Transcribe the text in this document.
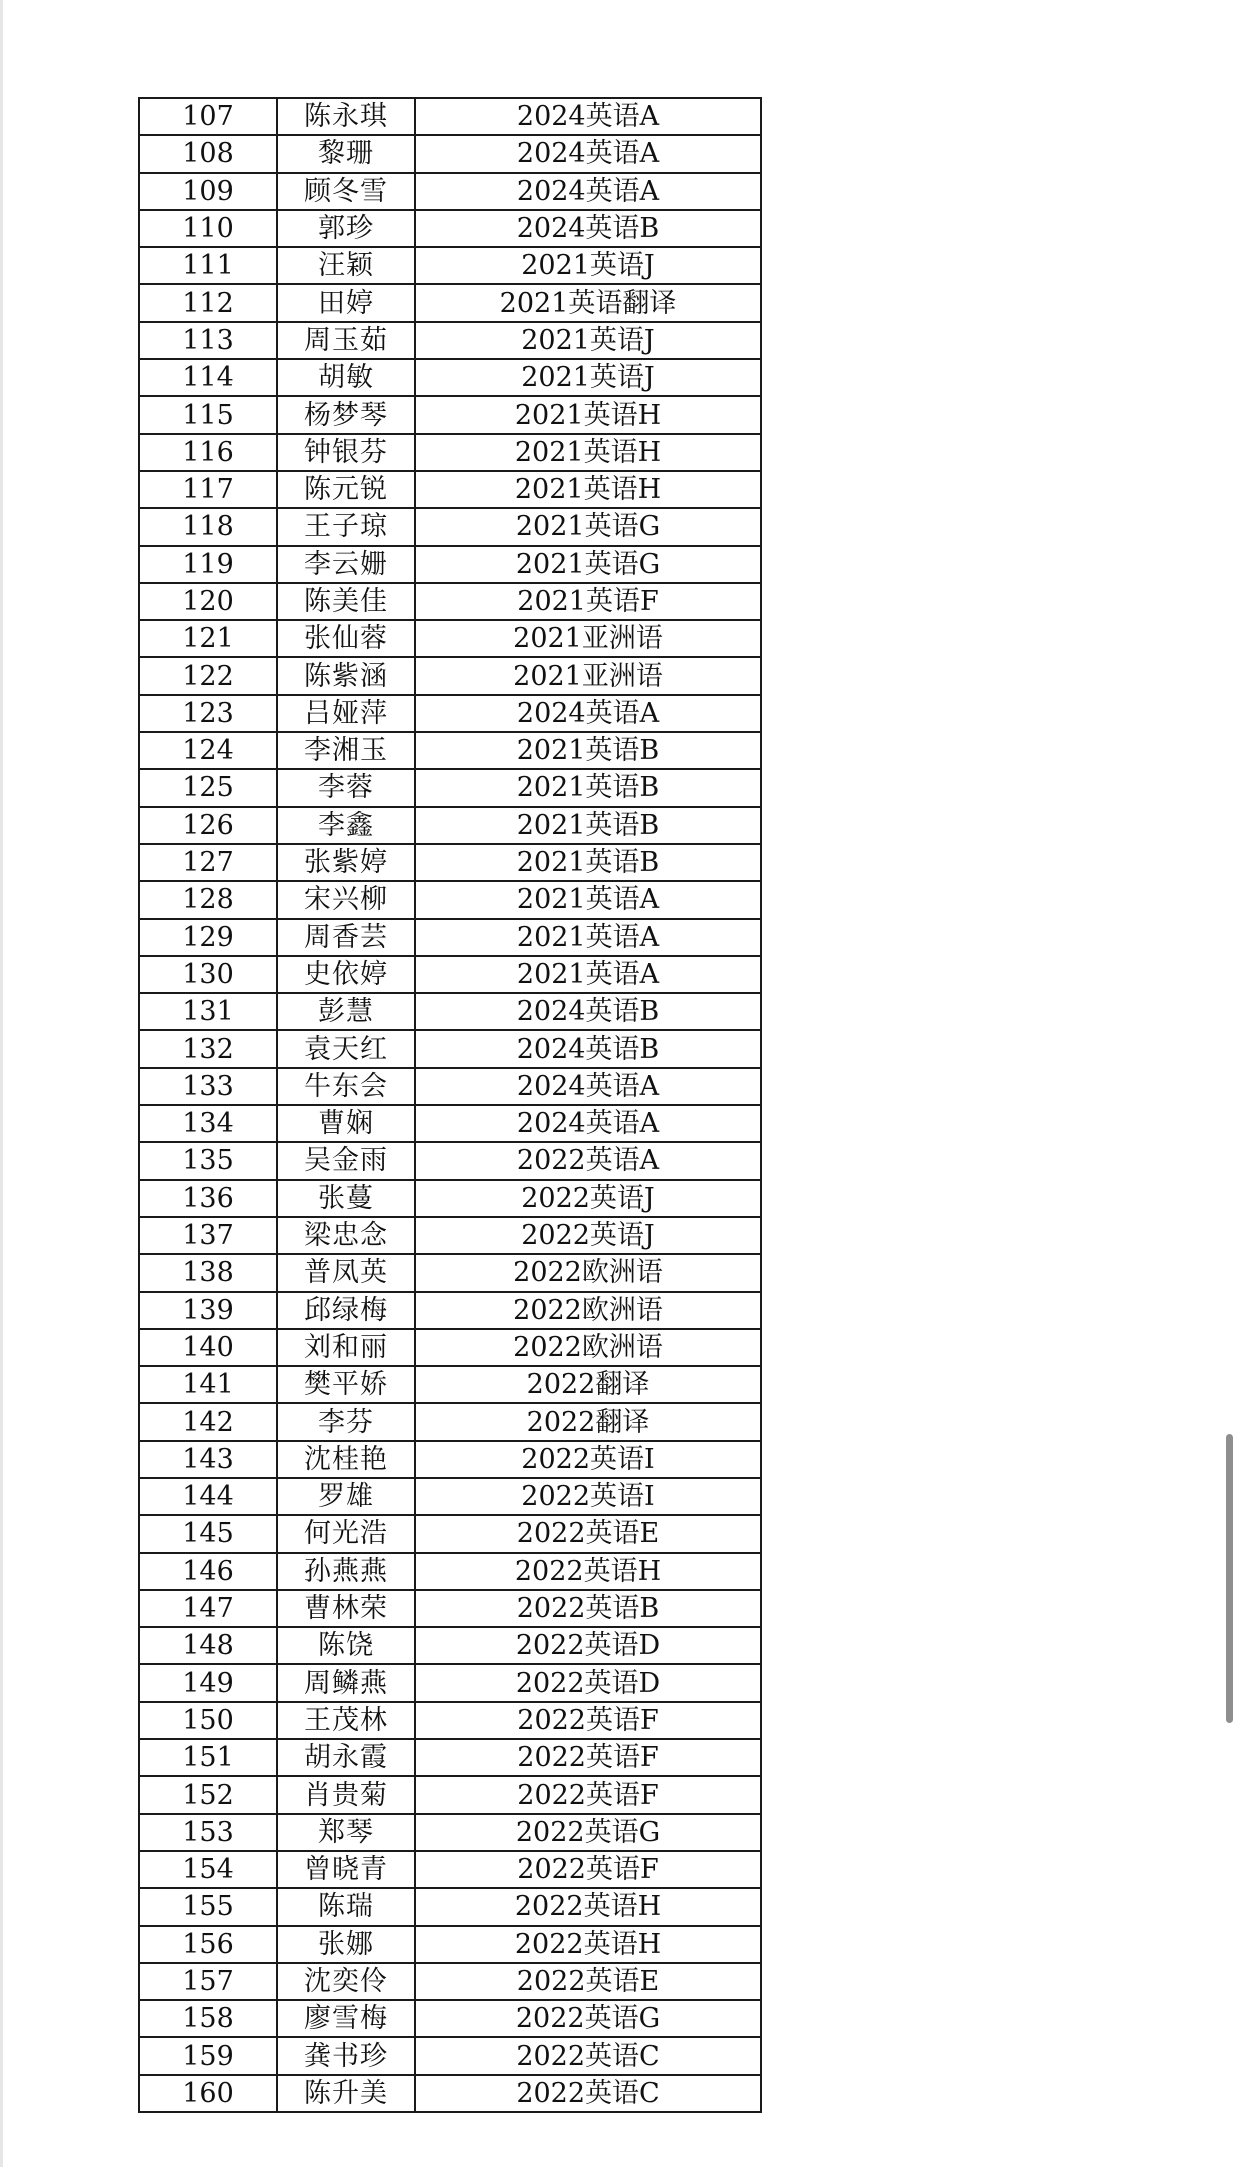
107	陈永琪	2024英语A
108	黎珊	2024英语A
109	顾冬雪	2024英语A
110	郭珍	2024英语B
111	汪颖	2021英语J
112	田婷	2021英语翻译
113	周玉茹	2021英语J
114	胡敏	2021英语J
115	杨梦琴	2021英语H
116	钟银芬	2021英语H
117	陈元锐	2021英语H
118	王子琼	2021英语G
119	李云姗	2021英语G
120	陈美佳	2021英语F
121	张仙蓉	2021亚洲语
122	陈紫涵	2021亚洲语
123	吕娅萍	2024英语A
124	李湘玉	2021英语B
125	李蓉	2021英语B
126	李鑫	2021英语B
127	张紫婷	2021英语B
128	宋兴柳	2021英语A
129	周香芸	2021英语A
130	史依婷	2021英语A
131	彭慧	2024英语B
132	袁天红	2024英语B
133	牛东会	2024英语A
134	曹娴	2024英语A
135	吴金雨	2022英语A
136	张蔓	2022英语J
137	梁忠念	2022英语J
138	普凤英	2022欧洲语
139	邱绿梅	2022欧洲语
140	刘和丽	2022欧洲语
141	樊平娇	2022翻译
142	李芬	2022翻译
143	沈桂艳	2022英语I
144	罗雄	2022英语I
145	何光浩	2022英语E
146	孙燕燕	2022英语H
147	曹林荣	2022英语B
148	陈饶	2022英语D
149	周鳞燕	2022英语D
150	王茂林	2022英语F
151	胡永霞	2022英语F
152	肖贵菊	2022英语F
153	郑琴	2022英语G
154	曾晓青	2022英语F
155	陈瑞	2022英语H
156	张娜	2022英语H
157	沈奕伶	2022英语E
158	廖雪梅	2022英语G
159	龚书珍	2022英语C
160	陈升美	2022英语C
